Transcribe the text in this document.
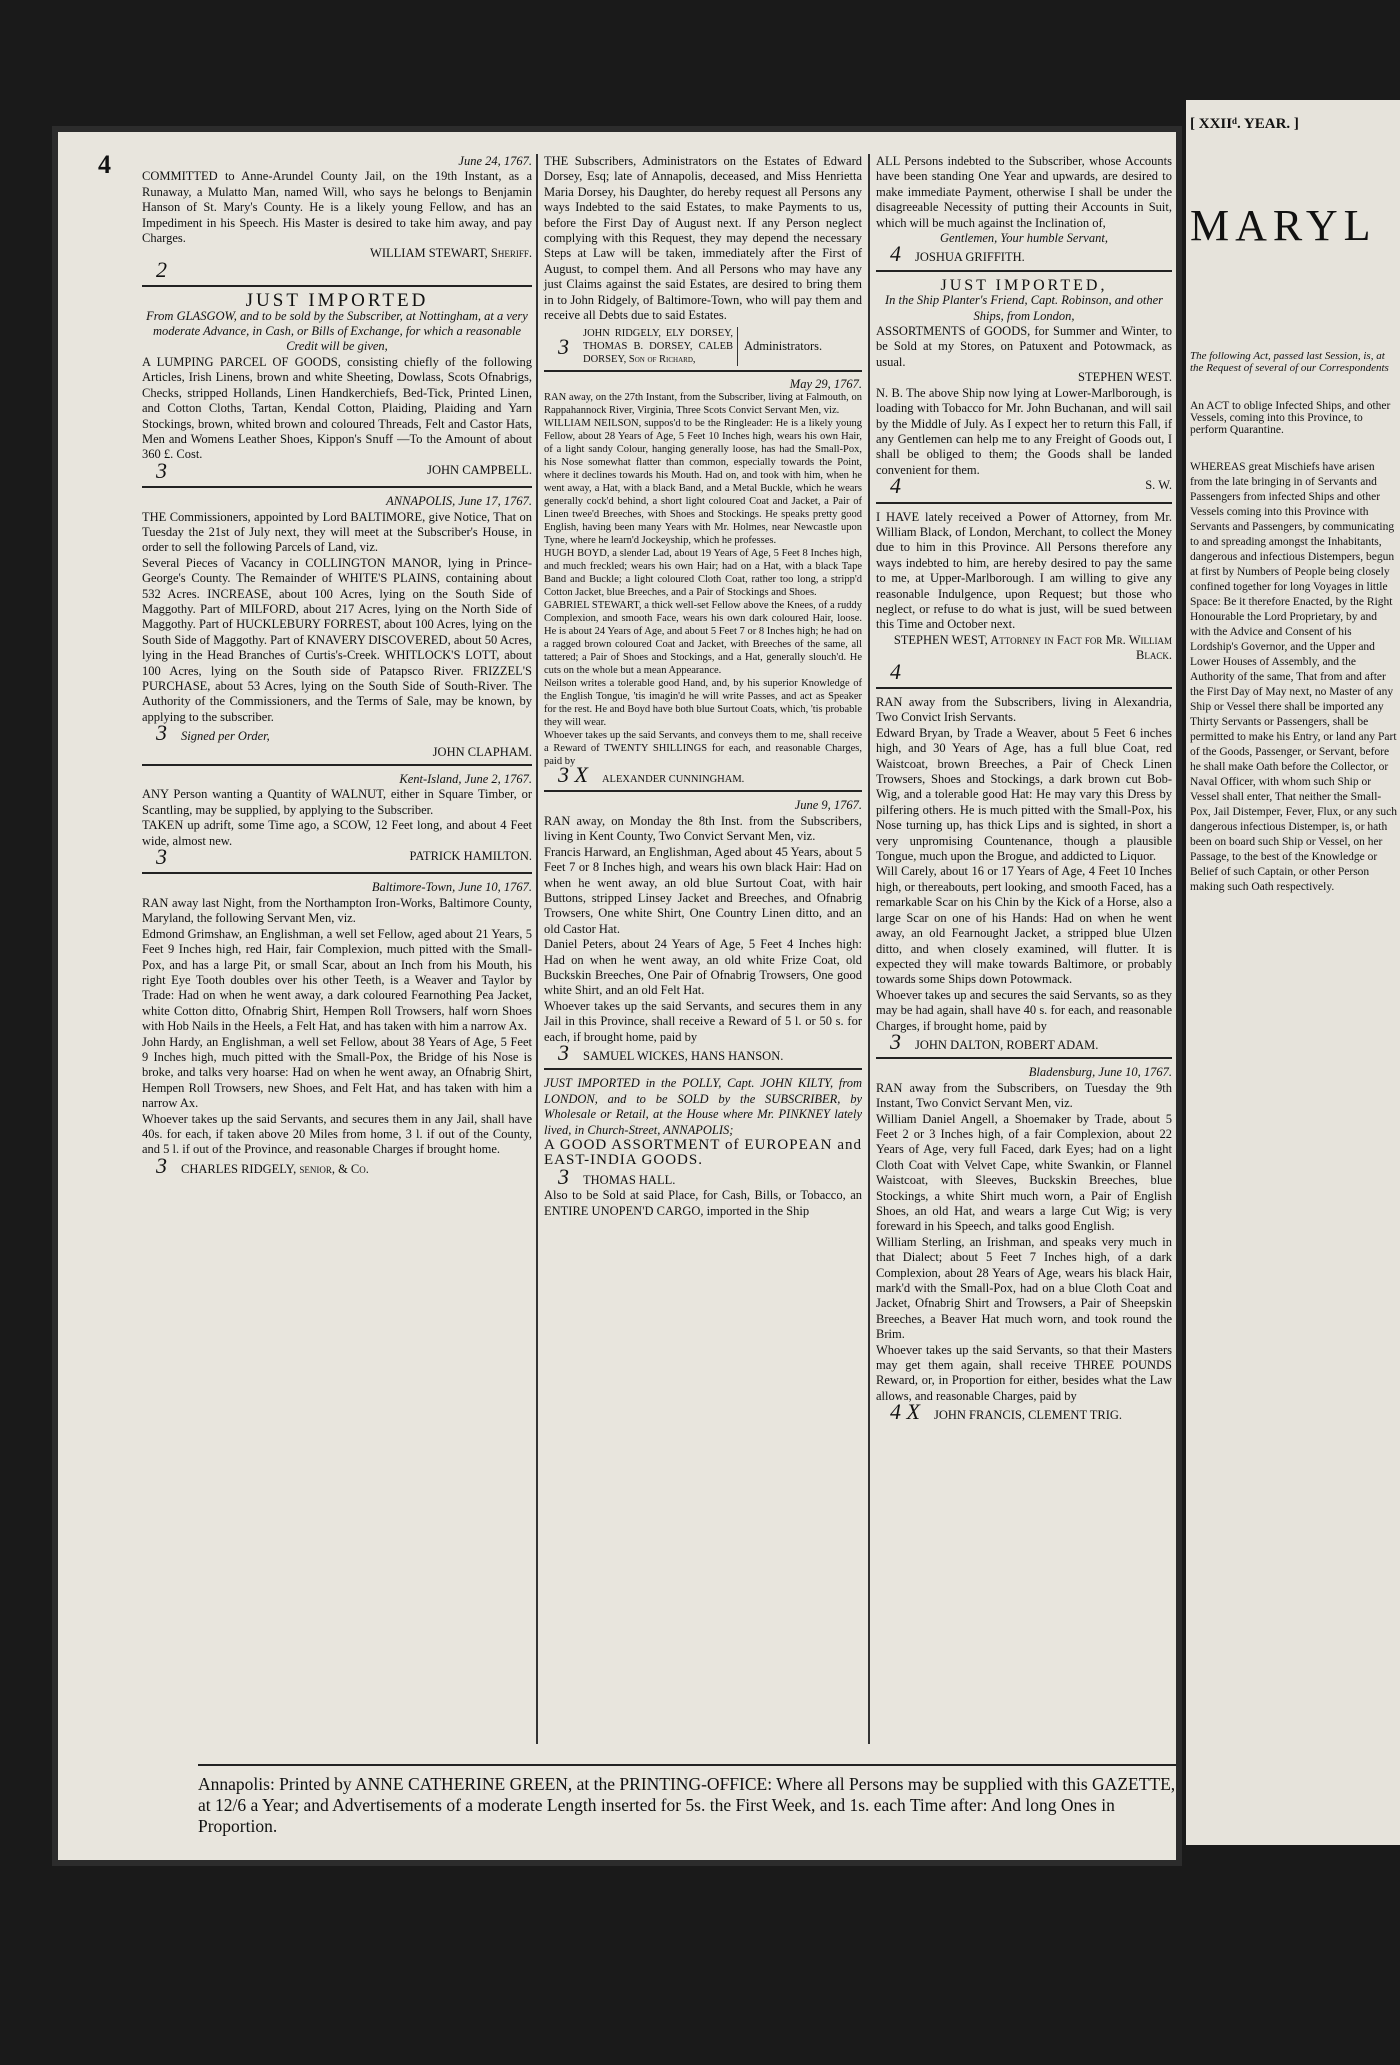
4	June 24, 1767.

COMMITTED to Anne-Arundel County Jail, on the 19th Instant, as a Runaway, a Mulatto Man, named Will, who says he belongs to Benjamin Hanson of St. Mary's County. He is a likely young Fellow, and has an Impediment in his Speech. His Master is desired to take him away, and pay Charges.

WILLIAM STEWART, Sheriff.
2
JUST IMPORTED

From GLASGOW, and to be sold by the Subscriber, at Nottingham, at a very moderate Advance, in Cash, or Bills of Exchange, for which a reasonable Credit will be given,

A LUMPING PARCEL OF GOODS, consisting chiefly of the following Articles, Irish Linens, brown and white Sheeting, Dowlass, Scots Ofnabrigs, Checks, stripped Hollands, Linen Handkerchiefs, Bed-Tick, Printed Linen, and Cotton Cloths, Tartan, Kendal Cotton, Plaiding, Plaiding and Yarn Stockings, brown, whited brown and coloured Threads, Felt and Castor Hats, Men and Womens Leather Shoes, Kippon's Snuff —To the Amount of about 360 £. Cost.

3	JOHN CAMPBELL.
ANNAPOLIS, June 17, 1767.

THE Commissioners, appointed by Lord BALTIMORE, give Notice, That on Tuesday the 21st of July next, they will meet at the Subscriber's House, in order to sell the following Parcels of Land, viz.

Several Pieces of Vacancy in COLLINGTON MANOR, lying in Prince-George's County. The Remainder of WHITE'S PLAINS, containing about 532 Acres. INCREASE, about 100 Acres, lying on the South Side of Maggothy. Part of MILFORD, about 217 Acres, lying on the North Side of Maggothy. Part of HUCKLEBURY FORREST, about 100 Acres, lying on the South Side of Maggothy. Part of KNAVERY DISCOVERED, about 50 Acres, lying in the Head Branches of Curtis's-Creek. WHITLOCK'S LOTT, about 100 Acres, lying on the South side of Patapsco River. FRIZZEL'S PURCHASE, about 53 Acres, lying on the South Side of South-River. The Authority of the Commissioners, and the Terms of Sale, may be known, by applying to the subscriber.

3 Signed per Order,
JOHN CLAPHAM.
Kent-Island, June 2, 1767.

ANY Person wanting a Quantity of WALNUT, either in Square Timber, or Scantling, may be supplied, by applying to the Subscriber.

TAKEN up adrift, some Time ago, a SCOW, 12 Feet long, and about 4 Feet wide, almost new.

3	PATRICK HAMILTON.
Baltimore-Town, June 10, 1767.

RAN away last Night, from the Northampton Iron-Works, Baltimore County, Maryland, the following Servant Men, viz.

Edmond Grimshaw, an Englishman, a well set Fellow, aged about 21 Years, 5 Feet 9 Inches high, red Hair, fair Complexion, much pitted with the Small-Pox, and has a large Pit, or small Scar, about an Inch from his Mouth, his right Eye Tooth doubles over his other Teeth, is a Weaver and Taylor by Trade: Had on when he went away, a dark coloured Fearnothing Pea Jacket, white Cotton ditto, Ofnabrig Shirt, Hempen Roll Trowsers, half worn Shoes with Hob Nails in the Heels, a Felt Hat, and has taken with him a narrow Ax.

John Hardy, an Englishman, a well set Fellow, about 38 Years of Age, 5 Feet 9 Inches high, much pitted with the Small-Pox, the Bridge of his Nose is broke, and talks very hoarse: Had on when he went away, an Ofnabrig Shirt, Hempen Roll Trowsers, new Shoes, and Felt Hat, and has taken with him a narrow Ax.

Whoever takes up the said Servants, and secures them in any Jail, shall have 40s. for each, if taken above 20 Miles from home, 3 l. if out of the County, and 5 l. if out of the Province, and reasonable Charges if brought home.

3 CHARLES RIDGELY, senior, & Co.

THE Subscribers, Administrators on the Estates of Edward Dorsey, Esq; late of Annapolis, deceased, and Miss Henrietta Maria Dorsey, his Daughter, do hereby request all Persons any ways Indebted to the said Estates, to make Payments to us, before the First Day of August next. If any Person neglect complying with this Request, they may depend the necessary Steps at Law will be taken, immediately after the First of August, to compel them. And all Persons who may have any just Claims against the said Estates, are desired to bring them in to John Ridgely, of Baltimore-Town, who will pay them and receive all Debts due to said Estates.

3
JOHN RIDGELY, ELY DORSEY, THOMAS B. DORSEY, CALEB DORSEY, Son of Richard,
Administrators.
May 29, 1767.

RAN away, on the 27th Instant, from the Subscriber, living at Falmouth, on Rappahannock River, Virginia, Three Scots Convict Servant Men, viz.

WILLIAM NEILSON, suppos'd to be the Ringleader: He is a likely young Fellow, about 28 Years of Age, 5 Feet 10 Inches high, wears his own Hair, of a light sandy Colour, hanging generally loose, has had the Small-Pox, his Nose somewhat flatter than common, especially towards the Point, where it declines towards his Mouth. Had on, and took with him, when he went away, a Hat, with a black Band, and a Metal Buckle, which he wears generally cock'd behind, a short light coloured Coat and Jacket, a Pair of Linen twee'd Breeches, with Shoes and Stockings. He speaks pretty good English, having been many Years with Mr. Holmes, near Newcastle upon Tyne, where he learn'd Jockeyship, which he professes.

HUGH BOYD, a slender Lad, about 19 Years of Age, 5 Feet 8 Inches high, and much freckled; wears his own Hair; had on a Hat, with a black Tape Band and Buckle; a light coloured Cloth Coat, rather too long, a stripp'd Cotton Jacket, blue Breeches, and a Pair of Stockings and Shoes.

GABRIEL STEWART, a thick well-set Fellow above the Knees, of a ruddy Complexion, and smooth Face, wears his own dark coloured Hair, loose. He is about 24 Years of Age, and about 5 Feet 7 or 8 Inches high; he had on a ragged brown coloured Coat and Jacket, with Breeches of the same, all tattered; a Pair of Shoes and Stockings, and a Hat, generally slouch'd. He cuts on the whole but a mean Appearance.

Neilson writes a tolerable good Hand, and, by his superior Knowledge of the English Tongue, 'tis imagin'd he will write Passes, and act as Speaker for the rest. He and Boyd have both blue Surtout Coats, which, 'tis probable they will wear.

Whoever takes up the said Servants, and conveys them to me, shall receive a Reward of TWENTY SHILLINGS for each, and reasonable Charges, paid by

3 X ALEXANDER CUNNINGHAM.
June 9, 1767.

RAN away, on Monday the 8th Inst. from the Subscribers, living in Kent County, Two Convict Servant Men, viz.

Francis Harward, an Englishman, Aged about 45 Years, about 5 Feet 7 or 8 Inches high, and wears his own black Hair: Had on when he went away, an old blue Surtout Coat, with hair Buttons, stripped Linsey Jacket and Breeches, and Ofnabrig Trowsers, One white Shirt, One Country Linen ditto, and an old Castor Hat.

Daniel Peters, about 24 Years of Age, 5 Feet 4 Inches high: Had on when he went away, an old white Frize Coat, old Buckskin Breeches, One Pair of Ofnabrig Trowsers, One good white Shirt, and an old Felt Hat.

Whoever takes up the said Servants, and secures them in any Jail in this Province, shall receive a Reward of 5 l. or 50 s. for each, if brought home, paid by

3 SAMUEL WICKES, HANS HANSON.

JUST IMPORTED in the POLLY, Capt. JOHN KILTY, from LONDON, and to be SOLD by the SUBSCRIBER, by Wholesale or Retail, at the House where Mr. PINKNEY lately lived, in Church-Street, ANNAPOLIS;

A GOOD ASSORTMENT of EUROPEAN and EAST-INDIA GOODS.

3 THOMAS HALL.

Also to be Sold at said Place, for Cash, Bills, or Tobacco, an ENTIRE UNOPEN'D CARGO, imported in the Ship

ALL Persons indebted to the Subscriber, whose Accounts have been standing One Year and upwards, are desired to make immediate Payment, otherwise I shall be under the disagreeable Necessity of putting their Accounts in Suit, which will be much against the Inclination of,

Gentlemen, Your humble Servant,

4 JOSHUA GRIFFITH.
JUST IMPORTED,

In the Ship Planter's Friend, Capt. Robinson, and other Ships, from London,

ASSORTMENTS of GOODS, for Summer and Winter, to be Sold at my Stores, on Patuxent and Potowmack, as usual.

STEPHEN WEST.

N. B. The above Ship now lying at Lower-Marlborough, is loading with Tobacco for Mr. John Buchanan, and will sail by the Middle of July. As I expect her to return this Fall, if any Gentlemen can help me to any Freight of Goods out, I shall be obliged to them; the Goods shall be landed convenient for them.

4	S. W.

I HAVE lately received a Power of Attorney, from Mr. William Black, of London, Merchant, to collect the Money due to him in this Province. All Persons therefore any ways indebted to him, are hereby desired to pay the same to me, at Upper-Marlborough. I am willing to give any reasonable Indulgence, upon Request; but those who neglect, or refuse to do what is just, will be sued between this Time and October next.

STEPHEN WEST, Attorney in Fact for Mr. William Black.
4

RAN away from the Subscribers, living in Alexandria, Two Convict Irish Servants.

Edward Bryan, by Trade a Weaver, about 5 Feet 6 inches high, and 30 Years of Age, has a full blue Coat, red Waistcoat, brown Breeches, a Pair of Check Linen Trowsers, Shoes and Stockings, a dark brown cut Bob-Wig, and a tolerable good Hat: He may vary this Dress by pilfering others. He is much pitted with the Small-Pox, his Nose turning up, has thick Lips and is sighted, in short a very unpromising Countenance, though a plausible Tongue, much upon the Brogue, and addicted to Liquor.

Will Carely, about 16 or 17 Years of Age, 4 Feet 10 Inches high, or thereabouts, pert looking, and smooth Faced, has a remarkable Scar on his Chin by the Kick of a Horse, also a large Scar on one of his Hands: Had on when he went away, an old Fearnought Jacket, a stripped blue Ulzen ditto, and when closely examined, will flutter. It is expected they will make towards Baltimore, or probably towards some Ships down Potowmack.

Whoever takes up and secures the said Servants, so as they may be had again, shall have 40 s. for each, and reasonable Charges, if brought home, paid by

3 JOHN DALTON, ROBERT ADAM.
Bladensburg, June 10, 1767.

RAN away from the Subscribers, on Tuesday the 9th Instant, Two Convict Servant Men, viz.

William Daniel Angell, a Shoemaker by Trade, about 5 Feet 2 or 3 Inches high, of a fair Complexion, about 22 Years of Age, very full Faced, dark Eyes; had on a light Cloth Coat with Velvet Cape, white Swankin, or Flannel Waistcoat, with Sleeves, Buckskin Breeches, blue Stockings, a white Shirt much worn, a Pair of English Shoes, an old Hat, and wears a large Cut Wig; is very foreward in his Speech, and talks good English.

William Sterling, an Irishman, and speaks very much in that Dialect; about 5 Feet 7 Inches high, of a dark Complexion, about 28 Years of Age, wears his black Hair, mark'd with the Small-Pox, had on a blue Cloth Coat and Jacket, Ofnabrig Shirt and Trowsers, a Pair of Sheepskin Breeches, a Beaver Hat much worn, and took round the Brim.

Whoever takes up the said Servants, so that their Masters may get them again, shall receive THREE POUNDS Reward, or, in Proportion for either, besides what the Law allows, and reasonable Charges, paid by

4 X JOHN FRANCIS, CLEMENT TRIG.
Annapolis: Printed by ANNE CATHERINE GREEN, at the PRINTING-OFFICE: Where all Persons may be supplied with this GAZETTE, at 12/6 a Year; and Advertisements of a moderate Length inserted for 5s. the First Week, and 1s. each Time after: And long Ones in Proportion.
[ XXIIᵈ. YEAR. ]
MARYL
The following Act, passed last Session, is, at the Request of several of our Correspondents
An ACT to oblige Infected Ships, and other Vessels, coming into this Province, to perform Quarantine.
WHEREAS great Mischiefs have arisen from the late bringing in of Servants and Passengers from infected Ships and other Vessels coming into this Province with Servants and Passengers, by communicating to and spreading amongst the Inhabitants, dangerous and infectious Distempers, begun at first by Numbers of People being closely confined together for long Voyages in little Space: Be it therefore Enacted, by the Right Honourable the Lord Proprietary, by and with the Advice and Consent of his Lordship's Governor, and the Upper and Lower Houses of Assembly, and the Authority of the same, That from and after the First Day of May next, no Master of any Ship or Vessel there shall be imported any Thirty Servants or Passengers, shall be permitted to make his Entry, or land any Part of the Goods, Passenger, or Servant, before he shall make Oath before the Collector, or Naval Officer, with whom such Ship or Vessel shall enter, That neither the Small-Pox, Jail Distemper, Fever, Flux, or any such dangerous infectious Distemper, is, or hath been on board such Ship or Vessel, on her Passage, to the best of the Knowledge or Belief of such Captain, or other Person making such Oath respectively.
